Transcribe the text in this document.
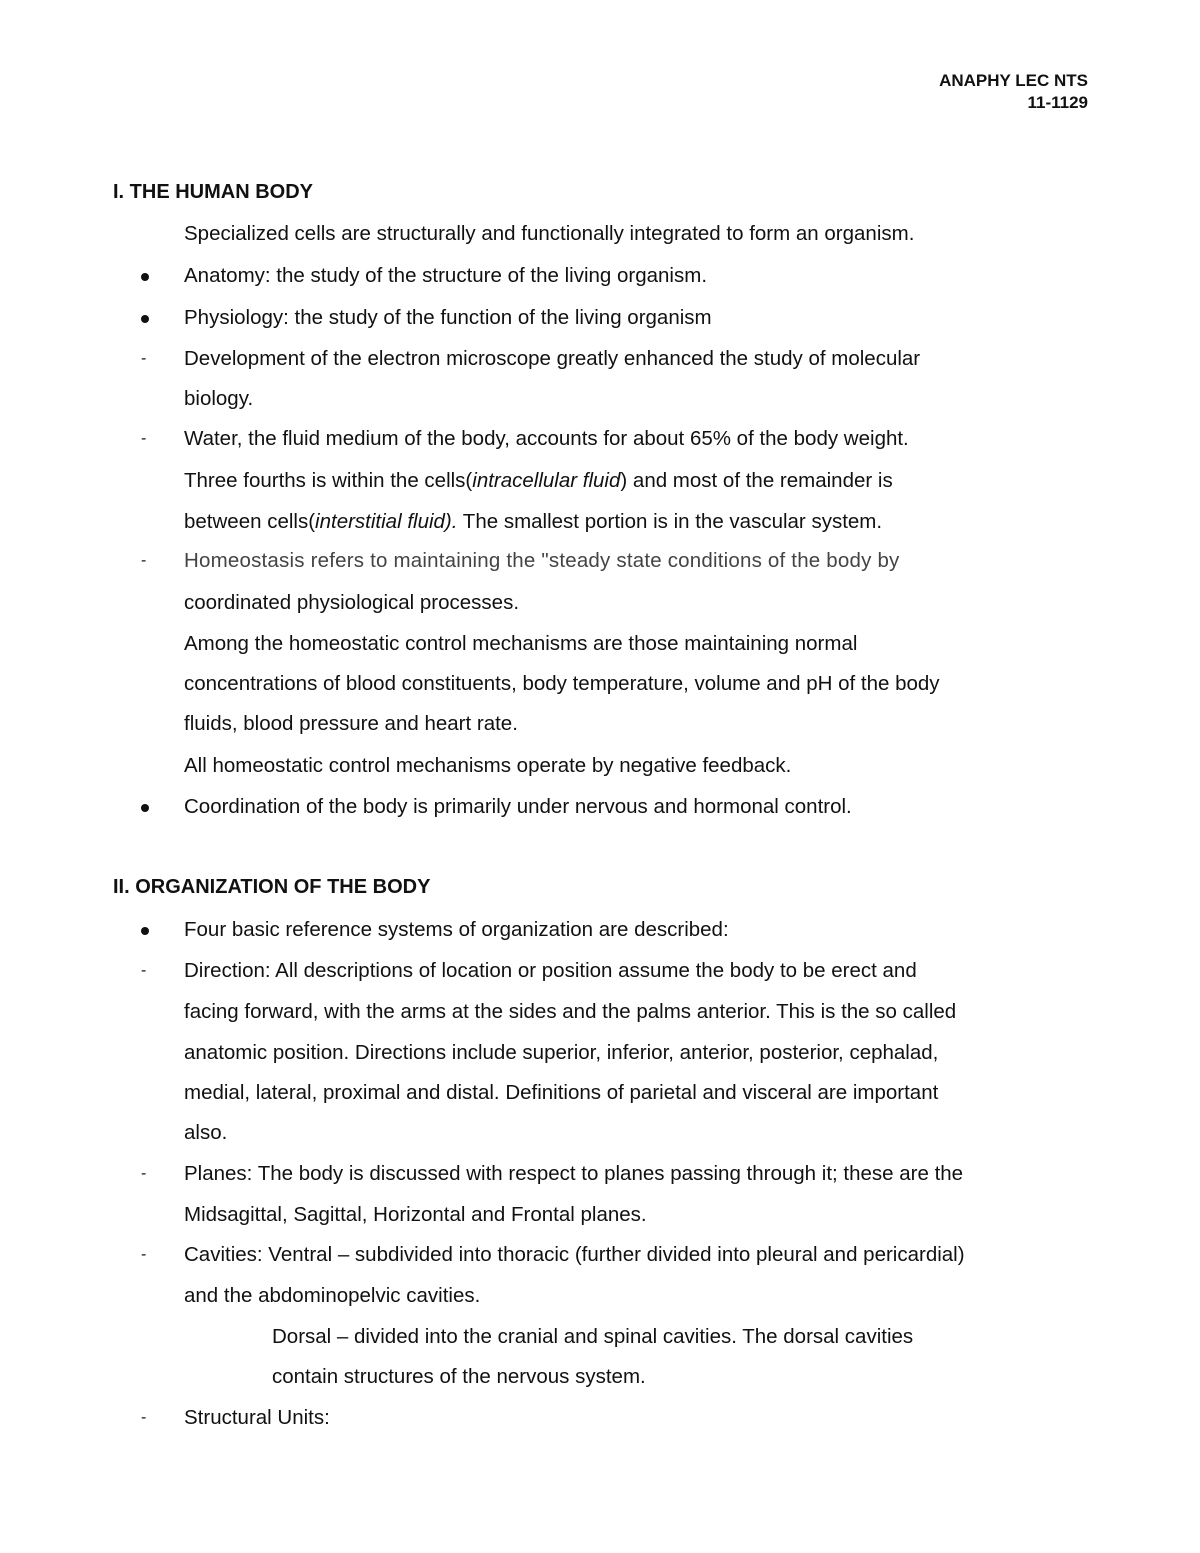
ANAPHY LEC NTS
11-1129
I. THE HUMAN BODY
Specialized cells are structurally and functionally integrated to form an organism.
Anatomy: the study of the structure of the living organism.
Physiology: the study of the function of the living organism
- Development of the electron microscope greatly enhanced the study of molecular
biology.
- Water, the fluid medium of the body, accounts for about 65% of the body weight.
Three fourths is within the cells(intracellular fluid) and most of the remainder is
between cells(interstitial fluid). The smallest portion is in the vascular system.
- Homeostasis refers to maintaining the "steady state conditions of the body by
coordinated physiological processes.
Among the homeostatic control mechanisms are those maintaining normal
concentrations of blood constituents, body temperature, volume and pH of the body
fluids, blood pressure and heart rate.
All homeostatic control mechanisms operate by negative feedback.
Coordination of the body is primarily under nervous and hormonal control.
II. ORGANIZATION OF THE BODY
Four basic reference systems of organization are described:
- Direction: All descriptions of location or position assume the body to be erect and
facing forward, with the arms at the sides and the palms anterior. This is the so called
anatomic position. Directions include superior, inferior, anterior, posterior, cephalad,
medial, lateral, proximal and distal. Definitions of parietal and visceral are important
also.
- Planes: The body is discussed with respect to planes passing through it; these are the
Midsagittal, Sagittal, Horizontal and Frontal planes.
- Cavities: Ventral – subdivided into thoracic (further divided into pleural and pericardial)
and the abdominopelvic cavities.
Dorsal – divided into the cranial and spinal cavities. The dorsal cavities
contain structures of the nervous system.
- Structural Units:
